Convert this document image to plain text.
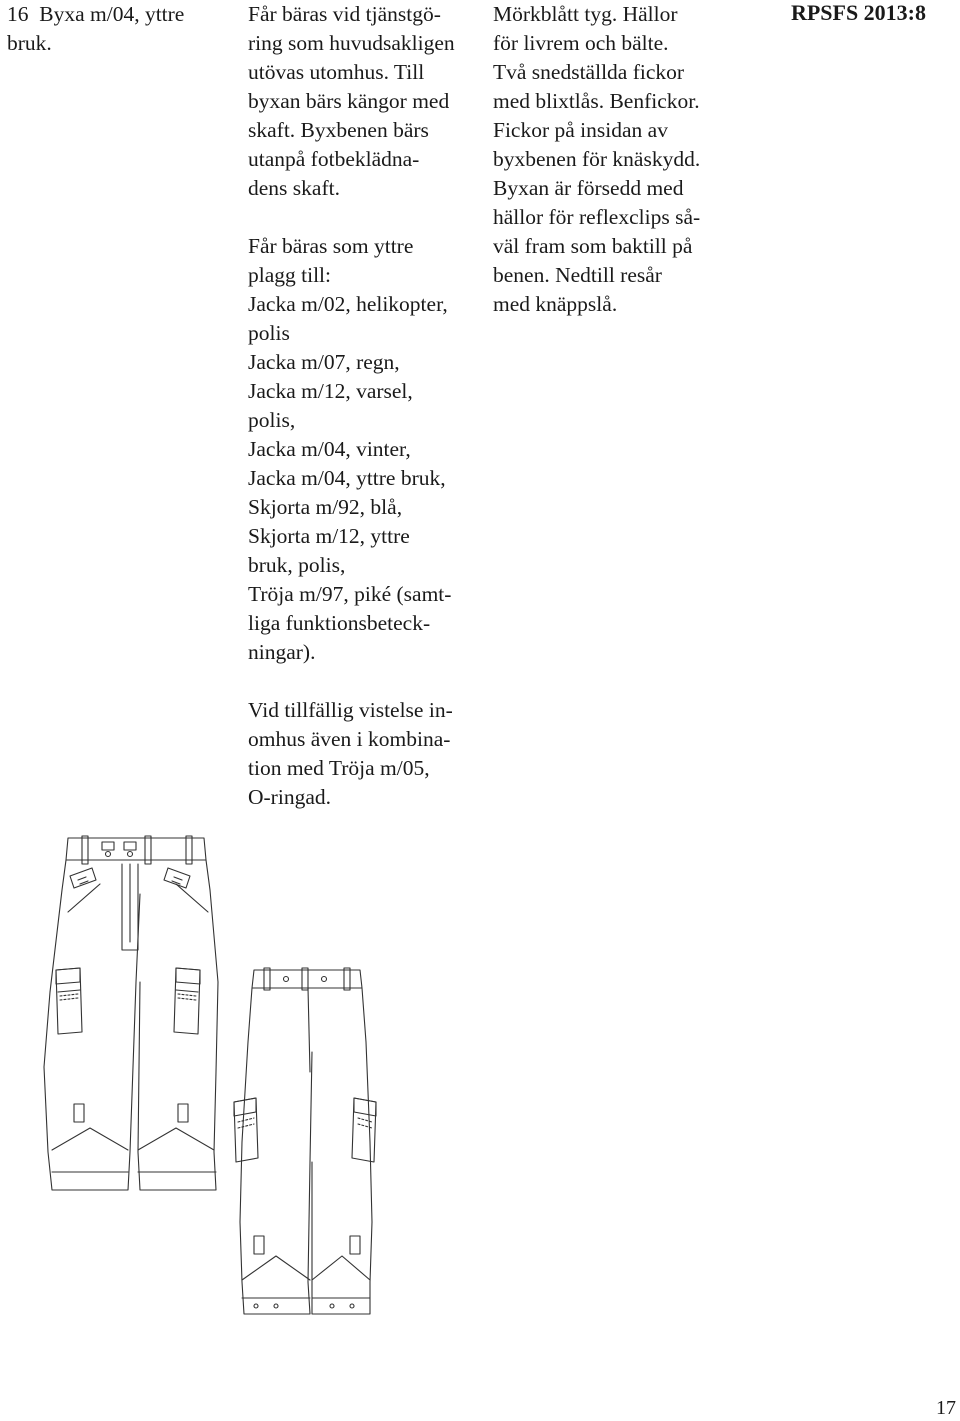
RPSFS 2013:8

16 Byxa m/04, yttre

bruk.

Får bäras vid tjänstgö-

ring som huvudsakligen

utövas utomhus. Till

byxan bärs kängor med

skaft. Byxbenen bärs

utanpå fotbeklädna-

dens skaft.

Får bäras som yttre

plagg till:

Jacka m/02, helikopter,

polis

Jacka m/07, regn,

Jacka m/12, varsel,

polis,

Jacka m/04, vinter,

Jacka m/04, yttre bruk,

Skjorta m/92, blå,

Skjorta m/12, yttre

bruk, polis,

Tröja m/97, piké (samt-

liga funktionsbeteck-

ningar).

Vid tillfällig vistelse in-

omhus även i kombina-

tion med Tröja m/05,

O-ringad.

Mörkblått tyg. Hällor

för livrem och bälte.

Två snedställda fickor

med blixtlås. Benfickor.

Fickor på insidan av

byxbenen för knäskydd.

Byxan är försedd med

hällor för reflexclips så-

väl fram som baktill på

benen. Nedtill resår

med knäppslå.

17
